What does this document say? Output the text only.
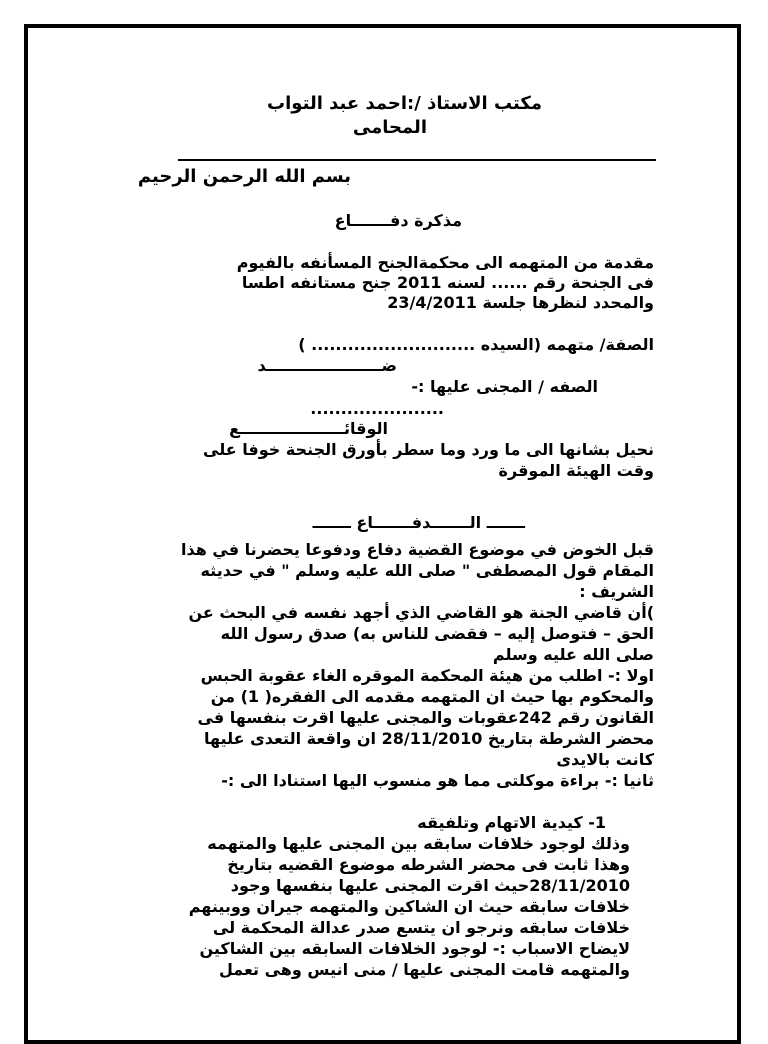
مكتب الاستاذ /:احمد عبد التواب
المحامى
بسم الله الرحمن الرحيم
مذكرة دفـــــــاع
مقدمة من المتهمه الى محكمةالجنح المسأنفه بالفيوم
فى الجنحة رقم ...... لسنه 2011 جنح مستانفه اطسا
والمحدد لنظرها جلسة 23/4/2011
الصفة/ متهمه (السيده ........................... )
ضـــــــــــــــــــــد
الصفه / المجنى عليها :-
......................
الوقائـــــــــــــــــــع
نحيل بشانها الى ما ورد وما سطر بأورق الجنحة خوفا على
وقت الهيئة الموقرة
ـــــــ الـــــــدفـــــــاع ـــــــ
قبل الخوض في موضوع القضية دفاع ودفوعا يحضرنا في هذا
المقام قول المصطفى " صلى الله عليه وسلم " في حديثه
الشريف :
)أن قاضي الجنة هو القاضي الذي أجهد نفسه في البحث عن
الحق – فتوصل إليه – فقضى للناس به) صدق رسول الله
صلى الله عليه وسلم
اولا :- اطلب من هيئة المحكمة الموقره الغاء عقوبة الحبس
والمحكوم بها حيث ان المتهمه مقدمه الى الفقره( 1) من
القانون رقم 242عقوبات والمجنى عليها اقرت بنفسها فى
محضر الشرطة بتاريخ 28/11/2010 ان واقعة التعدى عليها
كانت بالايدى
ثانيا :- براءة موكلتى مما هو منسوب اليها استنادا الى :-
1- كيدية الاتهام وتلفيقه
وذلك لوجود خلافات سابقه بين المجنى عليها والمتهمه
وهذا ثابت فى محضر الشرطه موضوع القضيه بتاريخ
28/11/2010حيث اقرت المجنى عليها بنفسها وجود
خلافات سابقه حيث ان الشاكين والمتهمه جيران ووبينهم
خلافات سابقه ونرجو ان يتسع صدر عدالة المحكمة لى
لايضاح الاسباب :- لوجود الخلافات السابقه بين الشاكين
والمتهمه قامت المجنى عليها / منى انيس وهى تعمل
